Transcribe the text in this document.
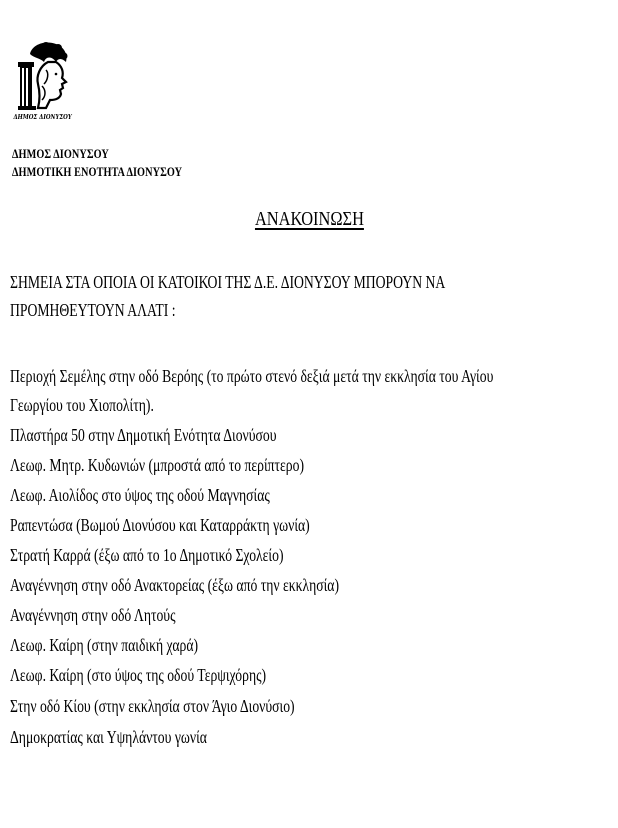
ΔΗΜΟΣ ΔΙΟΝΥΣΟΥ
ΔΗΜΟΣ ΔΙΟΝΥΣΟΥ
ΔΗΜΟΤΙΚΗ ΕΝΟΤΗΤΑ ΔΙΟΝΥΣΟΥ
ΑΝΑΚΟΙΝΩΣΗ
ΣΗΜΕΙΑ ΣΤΑ ΟΠΟΙΑ ΟΙ ΚΑΤΟΙΚΟΙ ΤΗΣ Δ.Ε. ΔΙΟΝΥΣΟΥ ΜΠΟΡΟΥΝ ΝΑ
ΠΡΟΜΗΘΕΥΤΟΥΝ ΑΛΑΤΙ :
Περιοχή Σεμέλης στην οδό Βερόης (το πρώτο στενό δεξιά μετά την εκκλησία του Αγίου
Γεωργίου του Χιοπολίτη).
Πλαστήρα 50 στην Δημοτική Ενότητα Διονύσου
Λεωφ. Μητρ. Κυδωνιών (μπροστά από το περίπτερο)
Λεωφ. Αιολίδος στο ύψος της οδού Μαγνησίας
Ραπεντώσα (Βωμού Διονύσου και Καταρράκτη γωνία)
Στρατή Καρρά (έξω από το 1ο Δημοτικό Σχολείο)
Αναγέννηση στην οδό Ανακτορείας (έξω από την εκκλησία)
Αναγέννηση στην οδό Λητούς
Λεωφ. Καίρη (στην παιδική χαρά)
Λεωφ. Καίρη (στο ύψος της οδού Τερψιχόρης)
Στην οδό Κίου (στην εκκλησία στον Άγιο Διονύσιο)
Δημοκρατίας και Υψηλάντου γωνία
